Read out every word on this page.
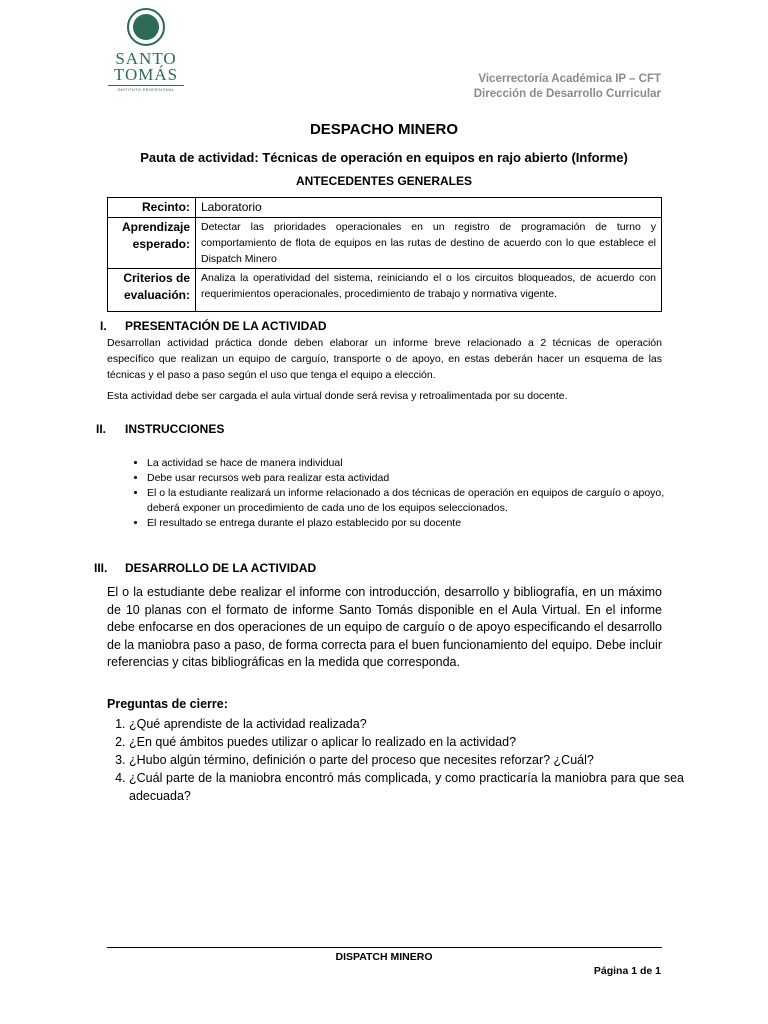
SANTO
TOMÁS
INSTITUTO PROFESIONAL
Vicerrectoría Académica IP – CFT
Dirección de Desarrollo Curricular
DESPACHO MINERO
Pauta de actividad: Técnicas de operación en equipos en rajo abierto (Informe)
ANTECEDENTES GENERALES
Recinto:	Laboratorio
Aprendizaje esperado:	Detectar las prioridades operacionales en un registro de programación de turno y comportamiento de flota de equipos en las rutas de destino de acuerdo con lo que establece el Dispatch Minero
Criterios de evaluación:	Analiza la operatividad del sistema, reiniciando el o los circuitos bloqueados, de acuerdo con requerimientos operacionales, procedimiento de trabajo y normativa vigente.
I. PRESENTACIÓN DE LA ACTIVIDAD
Desarrollan actividad práctica donde deben elaborar un informe breve relacionado a 2 técnicas de operación específico que realizan un equipo de carguío, transporte o de apoyo, en estas deberán hacer un esquema de las técnicas y el paso a paso según el uso que tenga el equipo a elección.
Esta actividad debe ser cargada el aula virtual donde será revisa y retroalimentada por su docente.
II. INSTRUCCIONES
• La actividad se hace de manera individual
• Debe usar recursos web para realizar esta actividad
• El o la estudiante realizará un informe relacionado a dos técnicas de operación en equipos de carguío o apoyo, deberá exponer un procedimiento de cada uno de los equipos seleccionados.
• El resultado se entrega durante el plazo establecido por su docente
III. DESARROLLO DE LA ACTIVIDAD
El o la estudiante debe realizar el informe con introducción, desarrollo y bibliografía, en un máximo de 10 planas con el formato de informe Santo Tomás disponible en el Aula Virtual. En el informe debe enfocarse en dos operaciones de un equipo de carguío o de apoyo especificando el desarrollo de la maniobra paso a paso, de forma correcta para el buen funcionamiento del equipo. Debe incluir referencias y citas bibliográficas en la medida que corresponda.
Preguntas de cierre:
1. ¿Qué aprendiste de la actividad realizada?
2. ¿En qué ámbitos puedes utilizar o aplicar lo realizado en la actividad?
3. ¿Hubo algún término, definición o parte del proceso que necesites reforzar? ¿Cuál?
4. ¿Cuál parte de la maniobra encontró más complicada, y como practicaría la maniobra para que sea adecuada?
DISPATCH MINERO
Página 1 de 1
